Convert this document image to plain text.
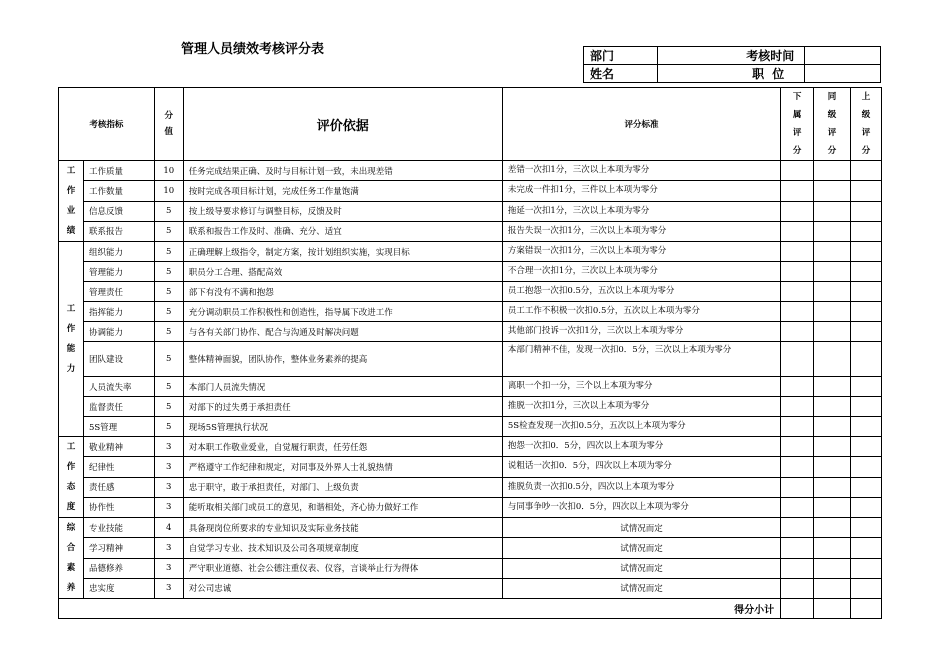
管理人员绩效考核评分表	部门	考核时间	
姓名	职 位	
考核指标		分值	评价依据	评分标准	下属评分	同级评分	上级评分

工作业绩	工作质量	10	任务完成结果正确、及时与目标计划一致，未出现差错	差错一次扣1分，三次以上本项为零分			
	工作数量	10	按时完成各项目标计划，完成任务工作量饱满	未完成一件扣1分，三件以上本项为零分			
	信息反馈	5	按上级导要求修订与调整目标，反馈及时	拖延一次扣1分，三次以上本项为零分			
	联系报告	5	联系和报告工作及时、准确、充分、适宜	报告失误一次扣1分，三次以上本项为零分			

工作能力	组织能力	5	正确理解上级指令，制定方案，按计划组织实施，实现目标	方案错误一次扣1分，三次以上本项为零分			
	管理能力	5	职员分工合理、搭配高效	不合理一次扣1分，三次以上本项为零分			
	管理责任	5	部下有没有不满和抱怨	员工抱怨一次扣0.5分，五次以上本项为零分			
	指挥能力	5	充分调动职员工作积极性和创造性，指导属下改进工作	员工工作不积极一次扣0.5分，五次以上本项为零分			
	协调能力	5	与各有关部门协作、配合与沟通及时解决问题	其他部门投诉一次扣1分，三次以上本项为零分			
	团队建设	5	整体精神面貌，团队协作，整体业务素养的提高	本部门精神不佳，发现一次扣0．5分，三次以上本项为零分			
	人员流失率	5	本部门人员流失情况	离职一个扣一分，三个以上本项为零分			
	监督责任	5	对部下的过失勇于承担责任	推脱一次扣1分，三次以上本项为零分			
	5S管理	5	现场5S管理执行状况	5S检查发现一次扣0.5分，五次以上本项为零分			

工作态度	敬业精神	3	对本职工作敬业爱业，自觉履行职责，任劳任怨	抱怨一次扣0．5分，四次以上本项为零分			
	纪律性	3	严格遵守工作纪律和规定，对同事及外界人士礼貌热情	说粗话一次扣0．5分，四次以上本项为零分			
	责任感	3	忠于职守，敢于承担责任，对部门、上级负责	推脱负责一次扣0.5分，四次以上本项为零分			
	协作性	3	能听取相关部门或员工的意见，和谐相处，齐心协力做好工作	与同事争吵一次扣0．5分，四次以上本项为零分			

综合素养	专业技能	4	具备现岗位所要求的专业知识及实际业务技能	试情况而定			
	学习精神	3	自觉学习专业、技术知识及公司各项规章制度	试情况而定			
	品德修养	3	严守职业道德、社会公德注重仪表、仪容，言谈举止行为得体	试情况而定			
	忠实度	3	对公司忠诚	试情况而定			
得分小计							
